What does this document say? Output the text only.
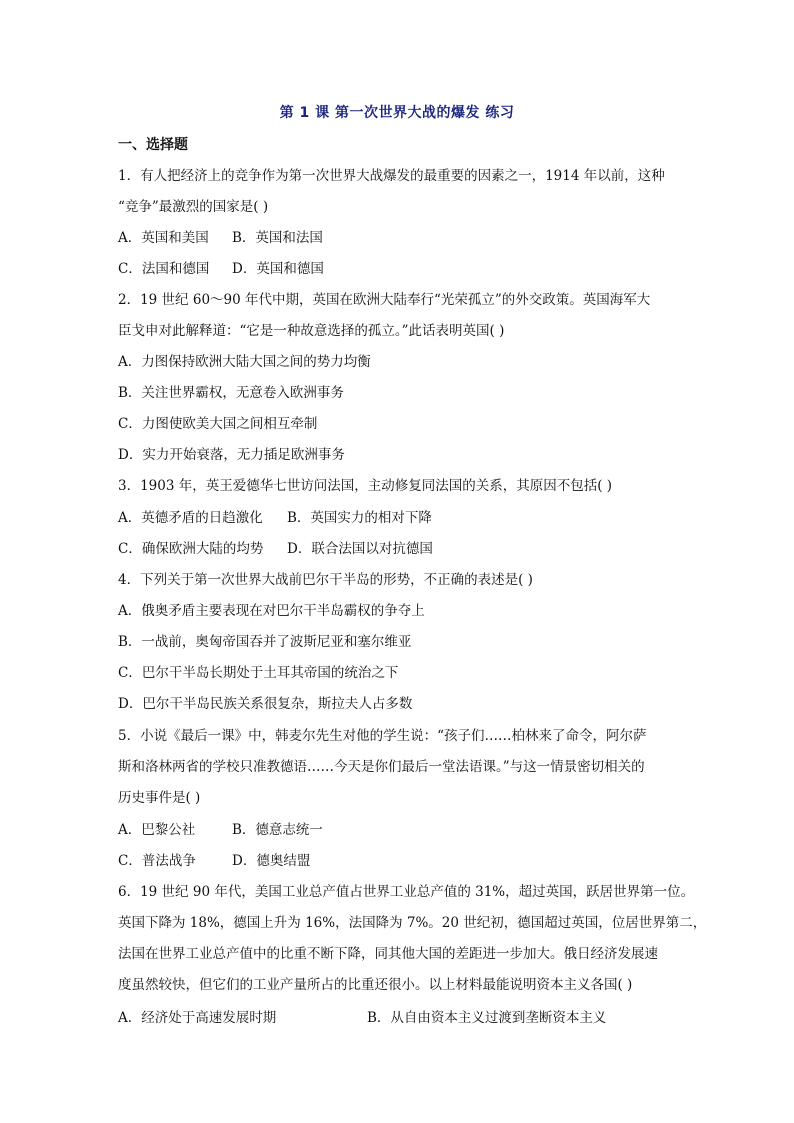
第 1 课 第一次世界大战的爆发 练习
一、选择题
1．有人把经济上的竞争作为第一次世界大战爆发的最重要的因素之一，1914 年以前，这种
“竞争”最激烈的国家是( )
A．英国和美国 B．英国和法国
C．法国和德国 D．英国和德国
2．19 世纪 60～90 年代中期，英国在欧洲大陆奉行“光荣孤立”的外交政策。英国海军大
臣戈申对此解释道：“它是一种故意选择的孤立。”此话表明英国( )
A．力图保持欧洲大陆大国之间的势力均衡
B．关注世界霸权，无意卷入欧洲事务
C．力图使欧美大国之间相互牵制
D．实力开始衰落，无力插足欧洲事务
3．1903 年，英王爱德华七世访问法国，主动修复同法国的关系，其原因不包括( )
A．英德矛盾的日趋激化 B．英国实力的相对下降
C．确保欧洲大陆的均势 D．联合法国以对抗德国
4．下列关于第一次世界大战前巴尔干半岛的形势，不正确的表述是( )
A．俄奥矛盾主要表现在对巴尔干半岛霸权的争夺上
B．一战前，奥匈帝国吞并了波斯尼亚和塞尔维亚
C．巴尔干半岛长期处于土耳其帝国的统治之下
D．巴尔干半岛民族关系很复杂，斯拉夫人占多数
5．小说《最后一课》中，韩麦尔先生对他的学生说：“孩子们……柏林来了命令，阿尔萨
斯和洛林两省的学校只准教德语……今天是你们最后一堂法语课。”与这一情景密切相关的
历史事件是( )
A．巴黎公社	B．德意志统一
C．普法战争	D．德奥结盟
6．19 世纪 90 年代，美国工业总产值占世界工业总产值的 31%，超过英国，跃居世界第一位。
英国下降为 18%，德国上升为 16%，法国降为 7%。20 世纪初，德国超过英国，位居世界第二，
法国在世界工业总产值中的比重不断下降，同其他大国的差距进一步加大。俄日经济发展速
度虽然较快，但它们的工业产量所占的比重还很小。以上材料最能说明资本主义各国( )
A．经济处于高速发展时期	B．从自由资本主义过渡到垄断资本主义
